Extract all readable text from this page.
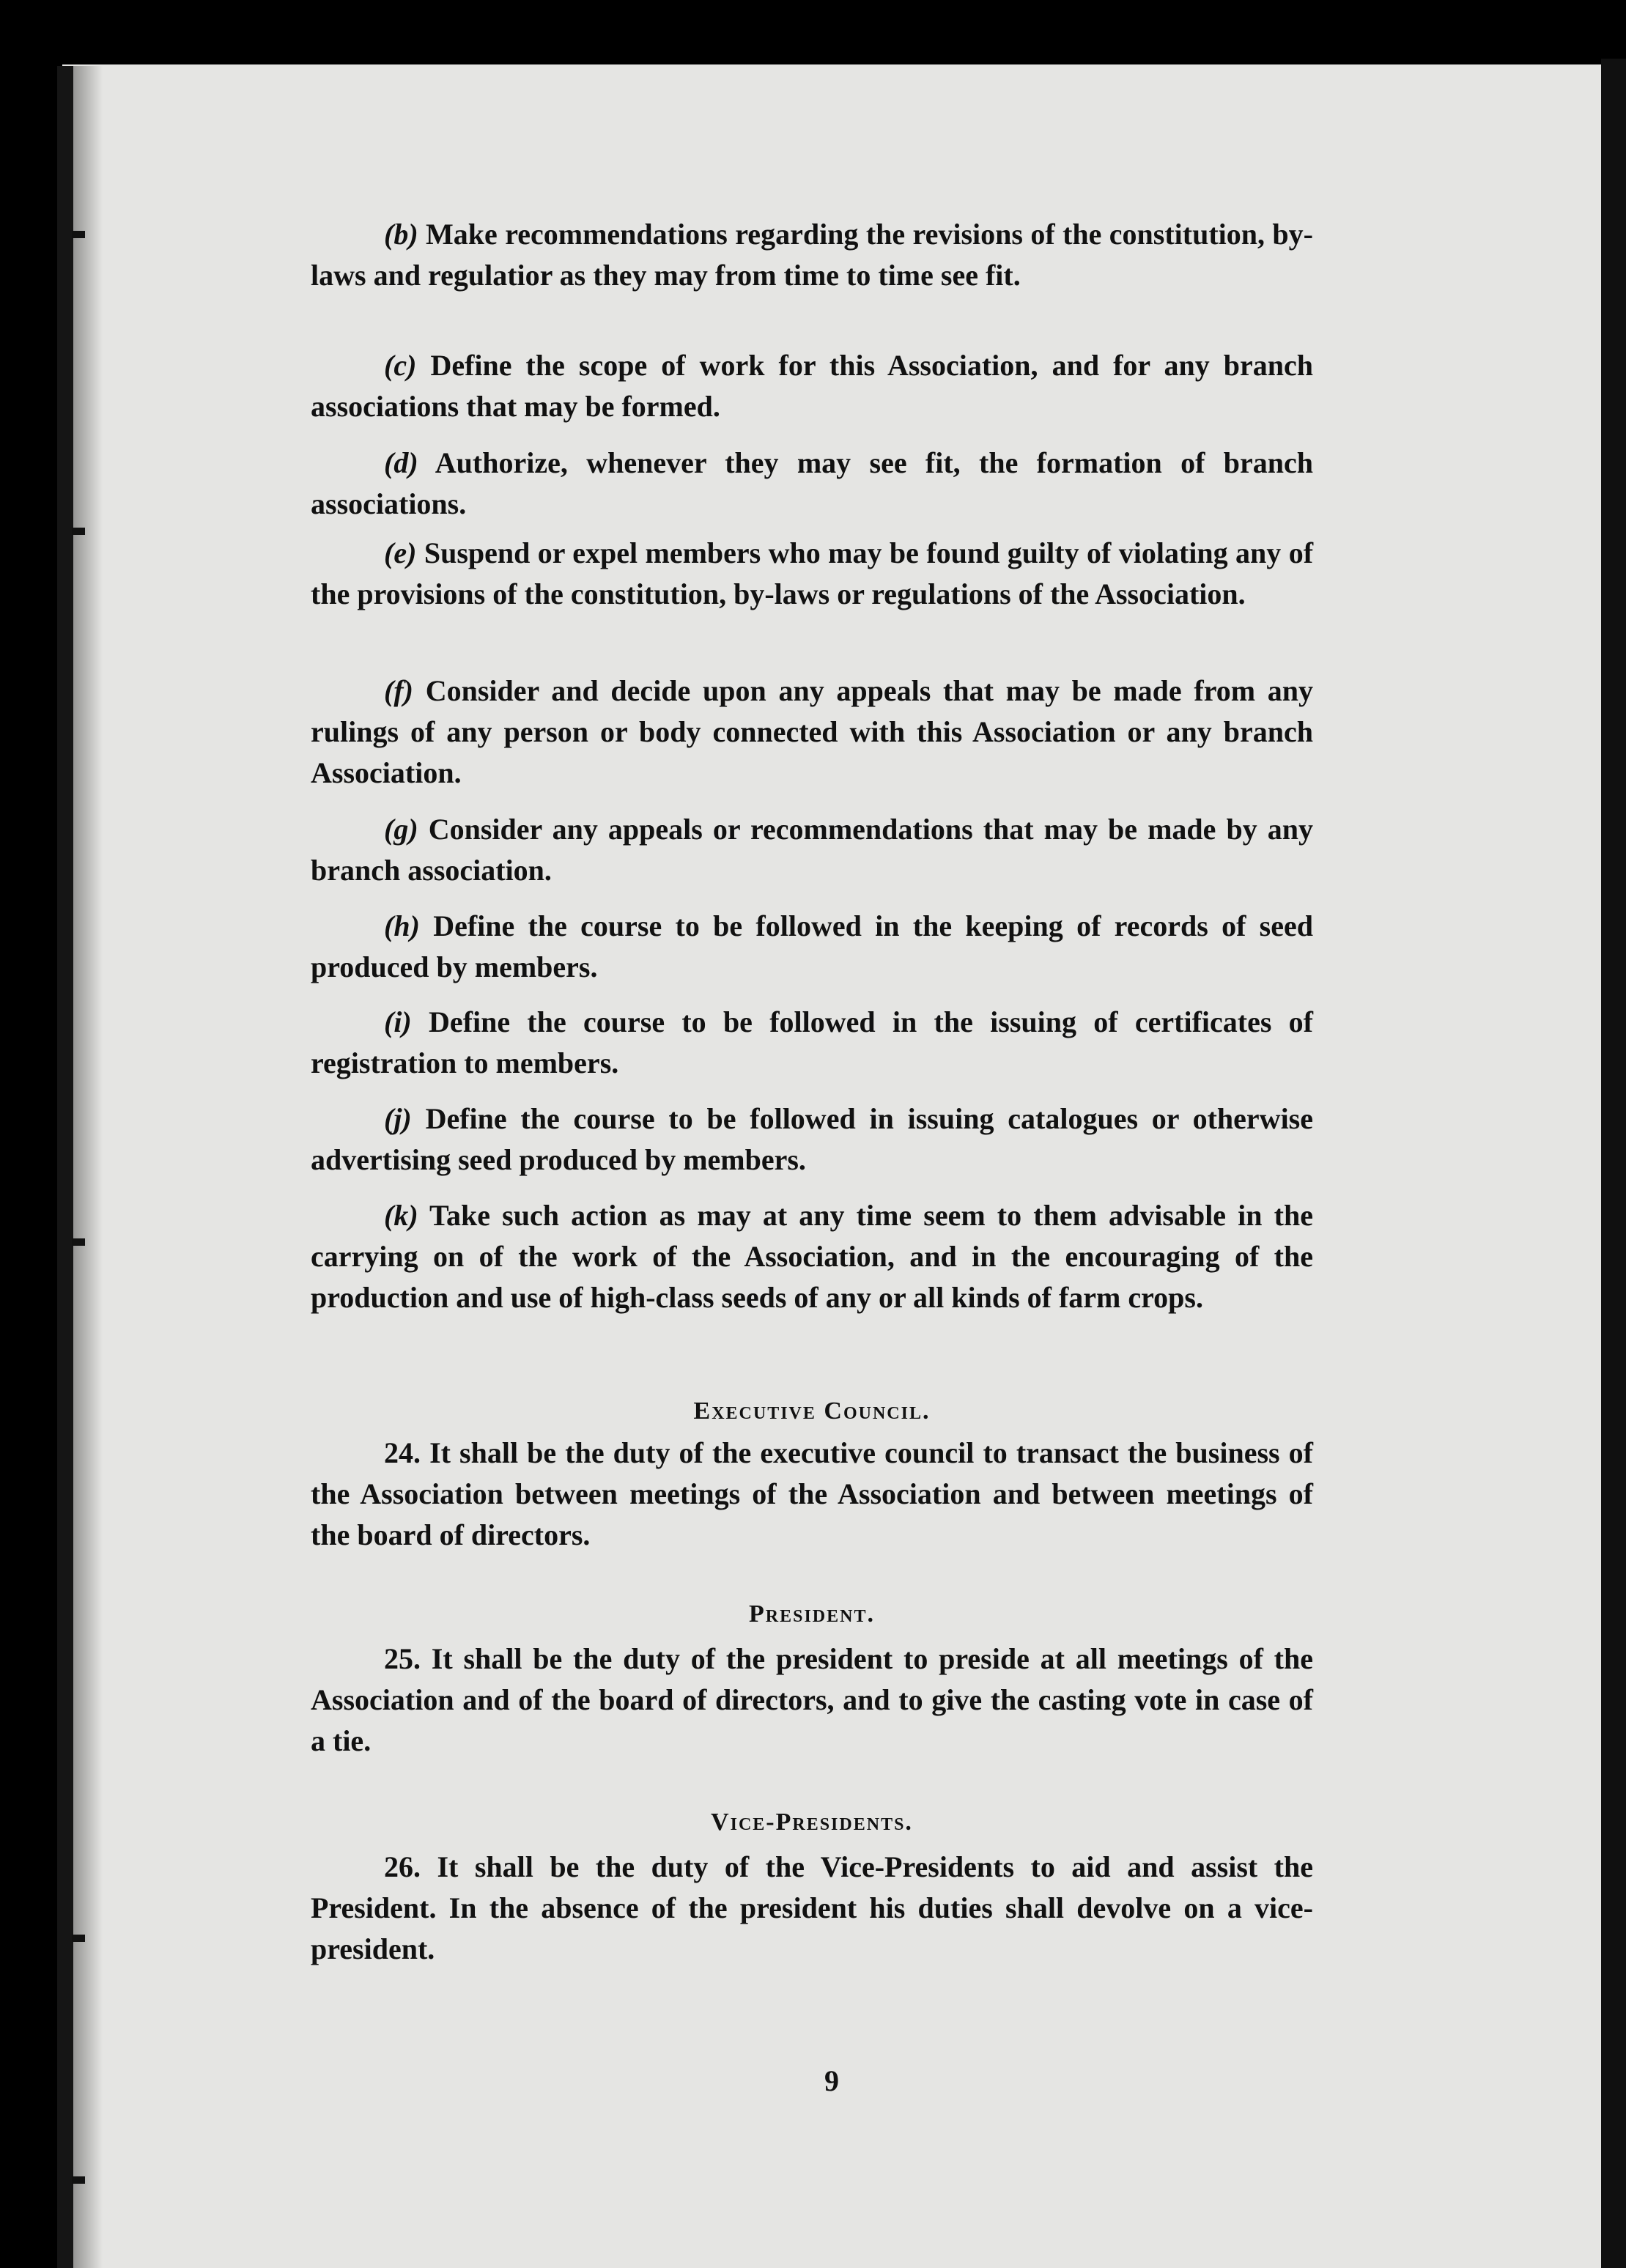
9

(b) Make recommendations regarding the revisions of the constitution, by-laws and regulatior as they may from time to time see fit.

(c) Define the scope of work for this Association, and for any branch associations that may be formed.

(d) Authorize, whenever they may see fit, the formation of branch associations.

(e) Suspend or expel members who may be found guilty of violating any of the provisions of the constitution, by-laws or regulations of the Association.

(f) Consider and decide upon any appeals that may be made from any rulings of any person or body connected with this Association or any branch Association.

(g) Consider any appeals or recommendations that may be made by any branch association.

(h) Define the course to be followed in the keeping of records of seed produced by members.

(i) Define the course to be followed in the issuing of certificates of registration to members.

(j) Define the course to be followed in issuing catalogues or otherwise advertising seed produced by members.

(k) Take such action as may at any time seem to them advisable in the carrying on of the work of the Association, and in the encouraging of the production and use of high-class seeds of any or all kinds of farm crops.

Executive Council.

24. It shall be the duty of the executive council to transact the business of the Association between meetings of the Association and between meetings of the board of directors.

President.

25. It shall be the duty of the president to preside at all meetings of the Association and of the board of directors, and to give the casting vote in case of a tie.

Vice-Presidents.

26. It shall be the duty of the Vice-Presidents to aid and assist the President. In the absence of the president his duties shall devolve on a vice-president.
